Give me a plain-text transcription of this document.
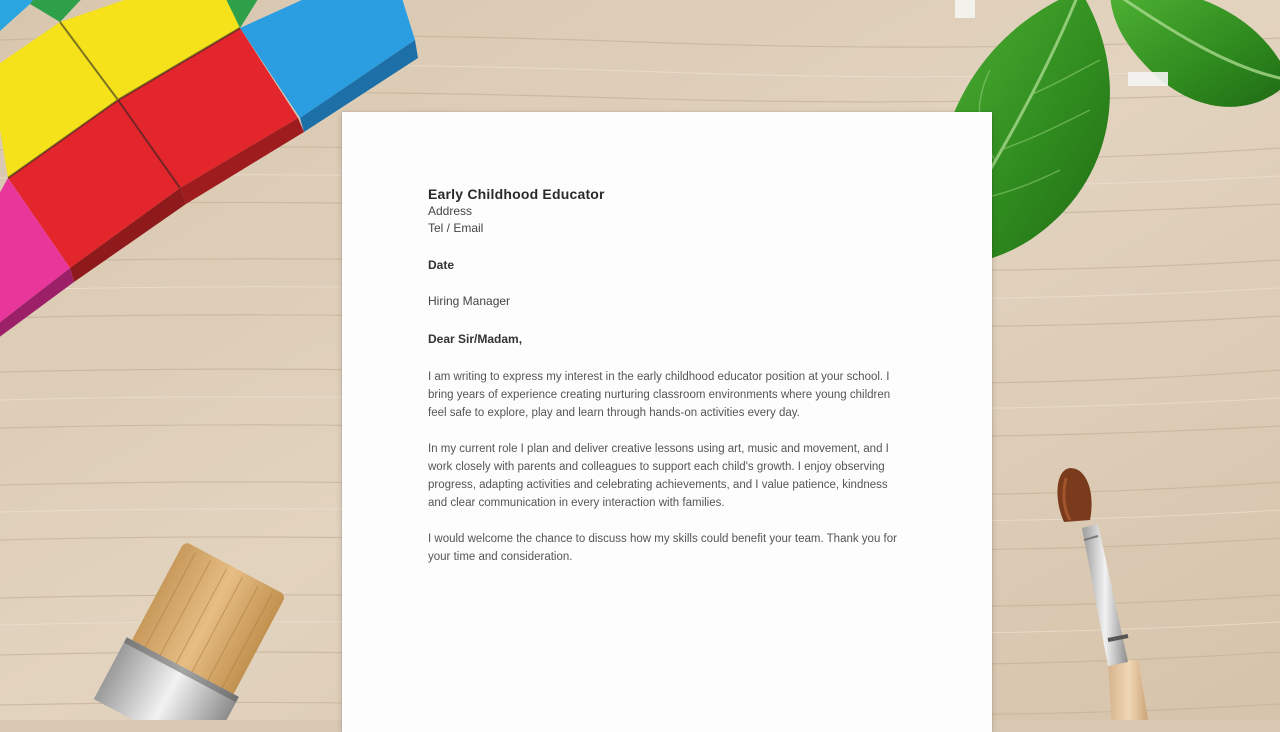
Early Childhood Educator

Address

Tel / Email

Date

Hiring Manager

Dear Sir/Madam,

I am writing to express my interest in the early childhood educator position at your school. I bring years of experience creating nurturing classroom environments where young children feel safe to explore, play and learn through hands-on activities every day.

In my current role I plan and deliver creative lessons using art, music and movement, and I work closely with parents and colleagues to support each child's growth. I enjoy observing progress, adapting activities and celebrating achievements, and I value patience, kindness and clear communication in every interaction with families.

I would welcome the chance to discuss how my skills could benefit your team. Thank you for your time and consideration.
